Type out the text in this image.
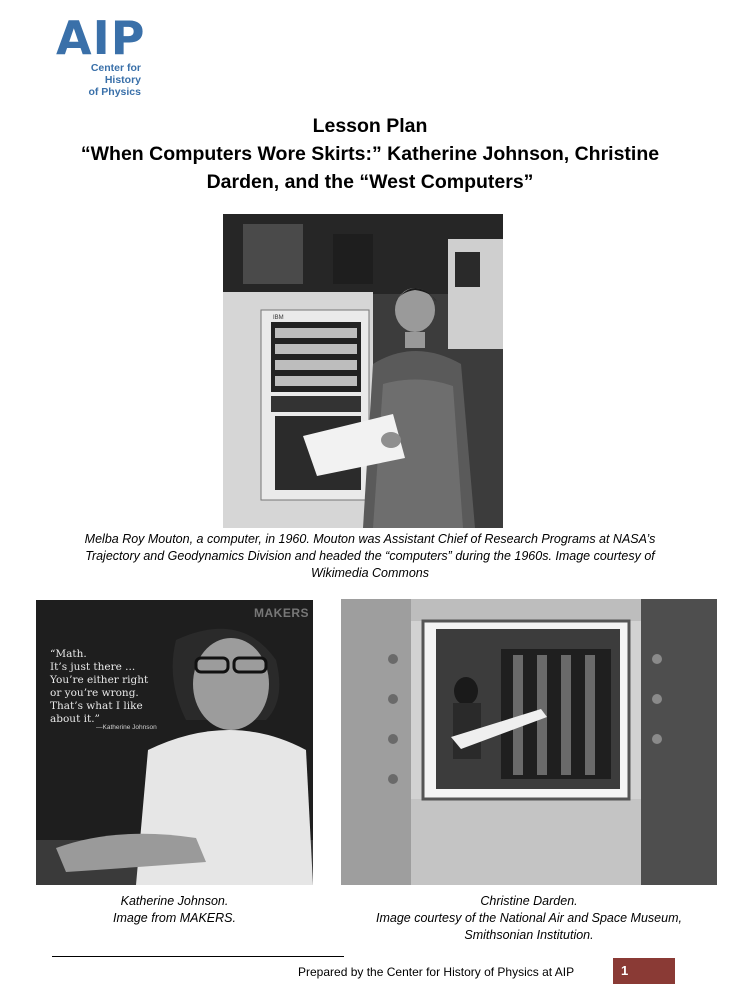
AIP
Center for History
of Physics
Lesson Plan
“When Computers Wore Skirts:” Katherine Johnson, Christine
Darden, and the “West Computers”
IBM
Melba Roy Mouton, a computer, in 1960. Mouton was Assistant Chief of Research Programs at NASA’s
Trajectory and Geodynamics Division and headed the “computers” during the 1960s. Image courtesy of
Wikimedia Commons
“Math.
It’s just there ...
You’re either right
or you’re wrong.
That’s what I like
about it.”
—Katherine Johnson
MAKERS
Katherine Johnson.
Image from MAKERS.
Christine Darden.
Image courtesy of the National Air and Space Museum,
Smithsonian Institution.
Prepared by the Center for History of Physics at AIP	1
